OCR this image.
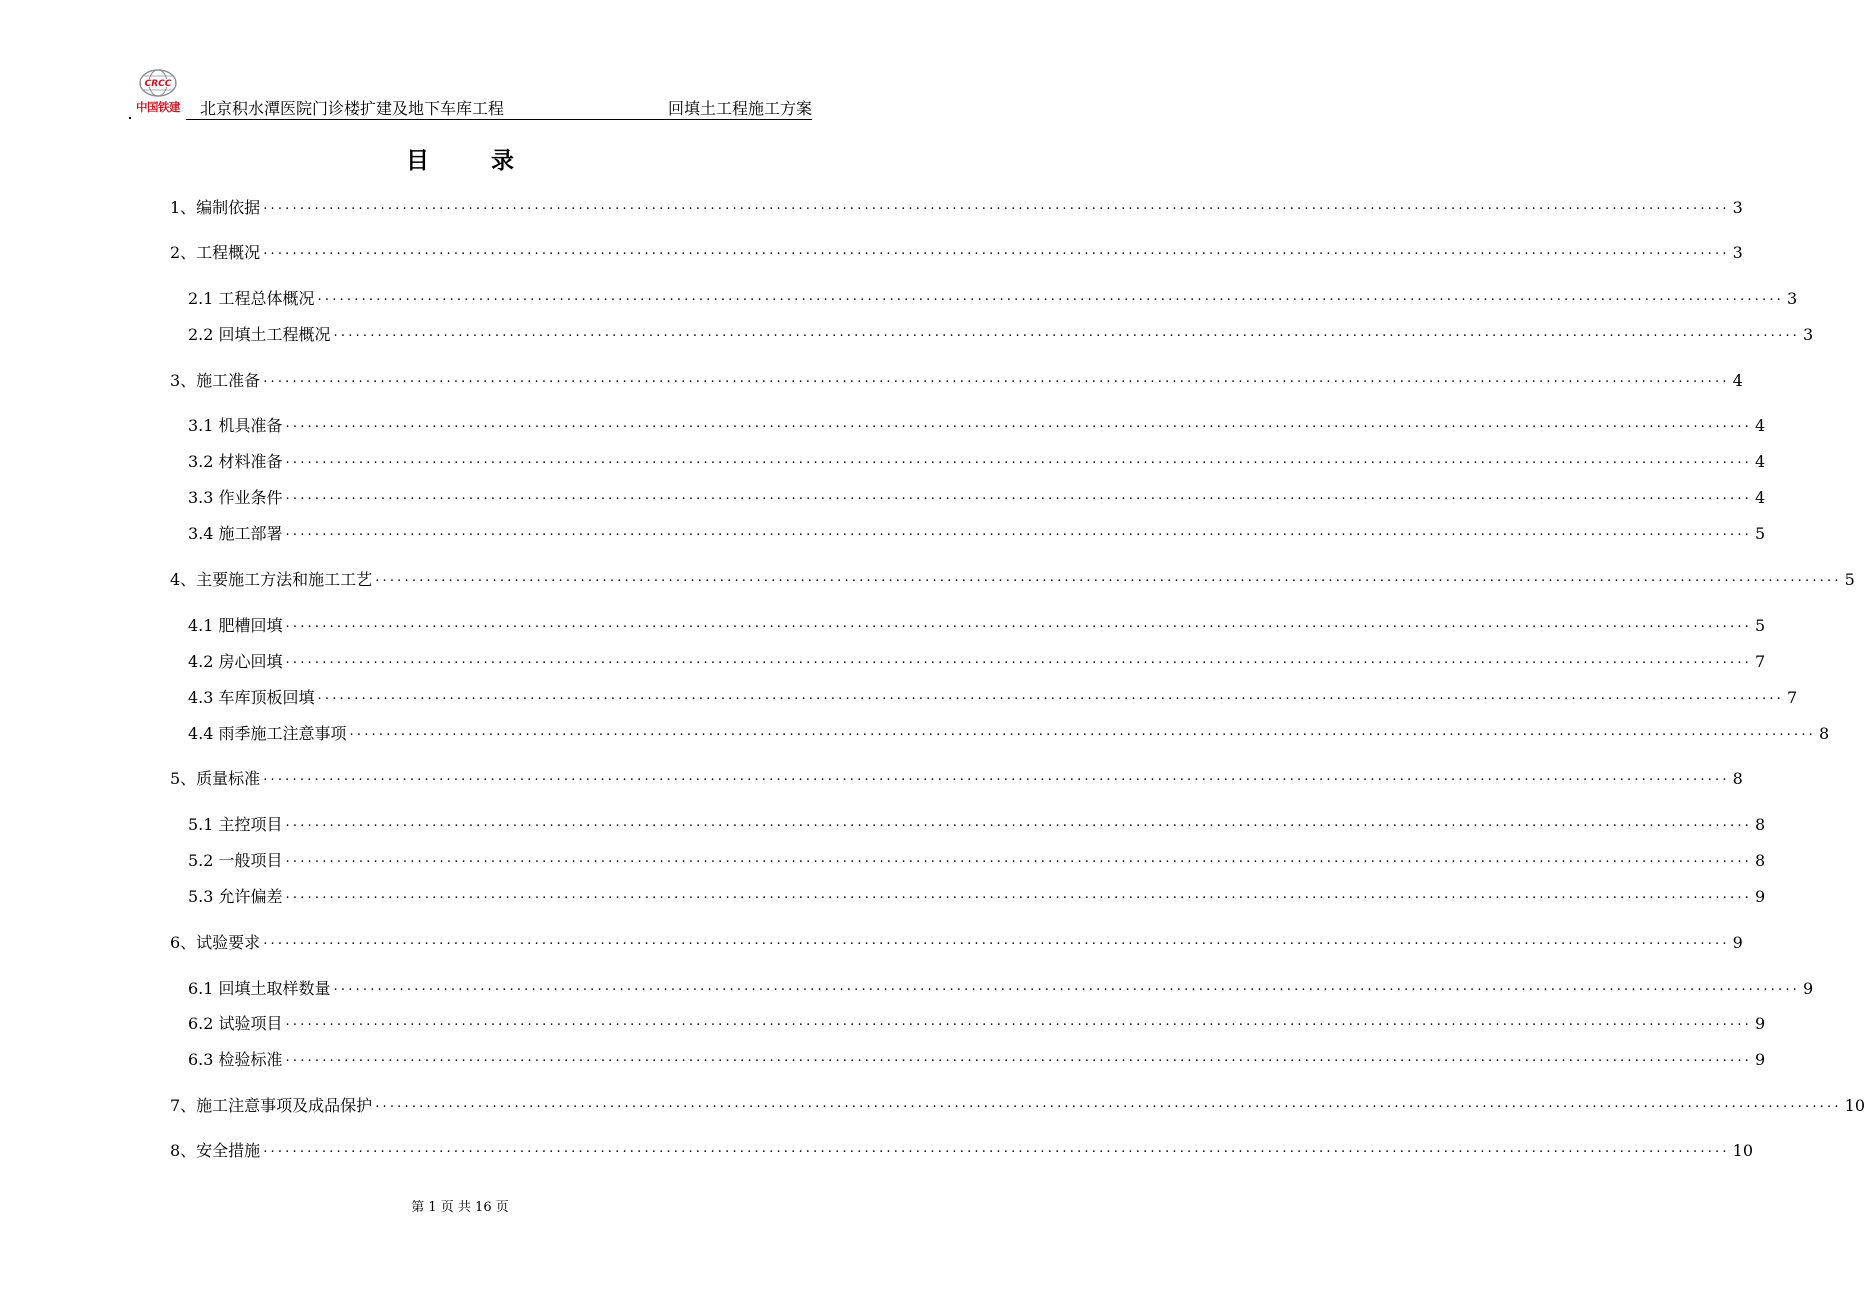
CRCC
中国铁建	北京积水潭医院门诊楼扩建及地下车库工程	回填土工程施工方案
目录
1、编制依据 ........................................................................................................................................................................................................ 3
2、工程概况 ........................................................................................................................................................................................................ 3
2.1 工程总体概况 ........................................................................................................................................................................................................ 3
2.2 回填土工程概况 ........................................................................................................................................................................................................ 3
3、施工准备 ........................................................................................................................................................................................................ 4
3.1 机具准备 ........................................................................................................................................................................................................ 4
3.2 材料准备 ........................................................................................................................................................................................................ 4
3.3 作业条件 ........................................................................................................................................................................................................ 4
3.4 施工部署 ........................................................................................................................................................................................................ 5
4、主要施工方法和施工工艺 ........................................................................................................................................................................................................ 5
4.1 肥槽回填 ........................................................................................................................................................................................................ 5
4.2 房心回填 ........................................................................................................................................................................................................ 7
4.3 车库顶板回填 ........................................................................................................................................................................................................ 7
4.4 雨季施工注意事项 ........................................................................................................................................................................................................ 8
5、质量标准 ........................................................................................................................................................................................................ 8
5.1 主控项目 ........................................................................................................................................................................................................ 8
5.2 一般项目 ........................................................................................................................................................................................................ 8
5.3 允许偏差 ........................................................................................................................................................................................................ 9
6、试验要求 ........................................................................................................................................................................................................ 9
6.1 回填土取样数量 ........................................................................................................................................................................................................ 9
6.2 试验项目 ........................................................................................................................................................................................................ 9
6.3 检验标准 ........................................................................................................................................................................................................ 9
7、施工注意事项及成品保护 ........................................................................................................................................................................................................ 10
8、安全措施 ........................................................................................................................................................................................................ 10
第 1 页 共 16 页
